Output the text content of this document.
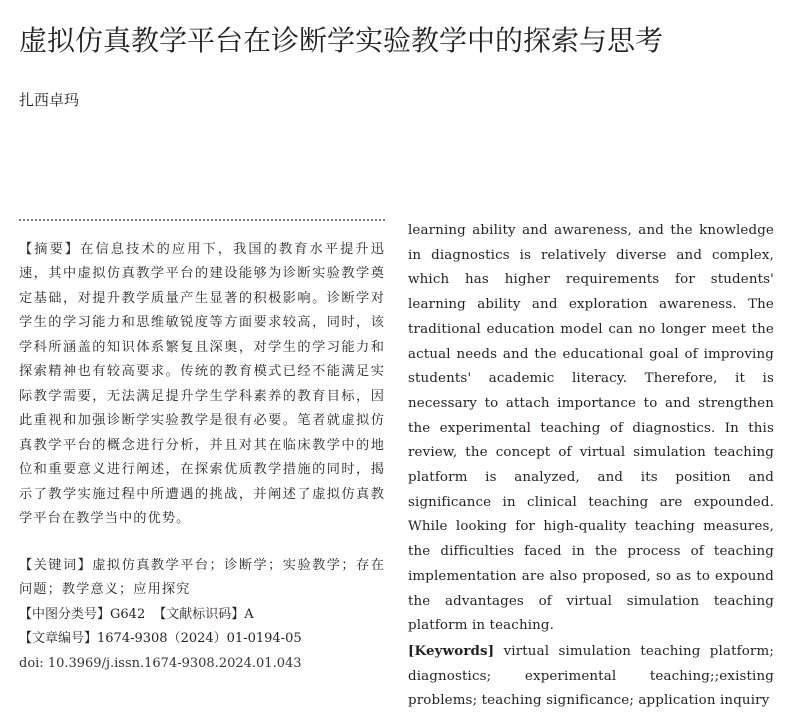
虚拟仿真教学平台在诊断学实验教学中的探索与思考
扎西卓玛

【摘要】在信息技术的应用下，我国的教育水平提升迅速，其中虚拟仿真教学平台的建设能够为诊断实验教学奠定基础，对提升教学质量产生显著的积极影响。诊断学对学生的学习能力和思维敏锐度等方面要求较高，同时，该学科所涵盖的知识体系繁复且深奥，对学生的学习能力和探索精神也有较高要求。传统的教育模式已经不能满足实际教学需要，无法满足提升学生学科素养的教育目标，因此重视和加强诊断学实验教学是很有必要。笔者就虚拟仿真教学平台的概念进行分析，并且对其在临床教学中的地位和重要意义进行阐述，在探索优质教学措施的同时，揭示了教学实施过程中所遭遇的挑战，并阐述了虚拟仿真教学平台在教学当中的优势。

【关键词】虚拟仿真教学平台；诊断学；实验教学；存在问题；教学意义；应用探究

【中图分类号】G642 【文献标识码】A

【文章编号】1674-9308（2024）01-0194-05

doi: 10.3969/j.issn.1674-9308.2024.01.043

learning ability and awareness, and the knowledge in diagnostics is relatively diverse and complex, which has higher requirements for students' learning ability and exploration awareness. The traditional education model can no longer meet the actual needs and the educational goal of improving students' academic literacy. Therefore, it is necessary to attach importance to and strengthen the experimental teaching of diagnostics. In this review, the concept of virtual simulation teaching platform is analyzed, and its position and significance in clinical teaching are expounded. While looking for high-quality teaching measures, the difficulties faced in the process of teaching implementation are also proposed, so as to expound the advantages of virtual simulation teaching platform in teaching.

[Keywords] virtual simulation teaching platform; diagnostics; experimental teaching;;existing problems; teaching significance; application inquiry
